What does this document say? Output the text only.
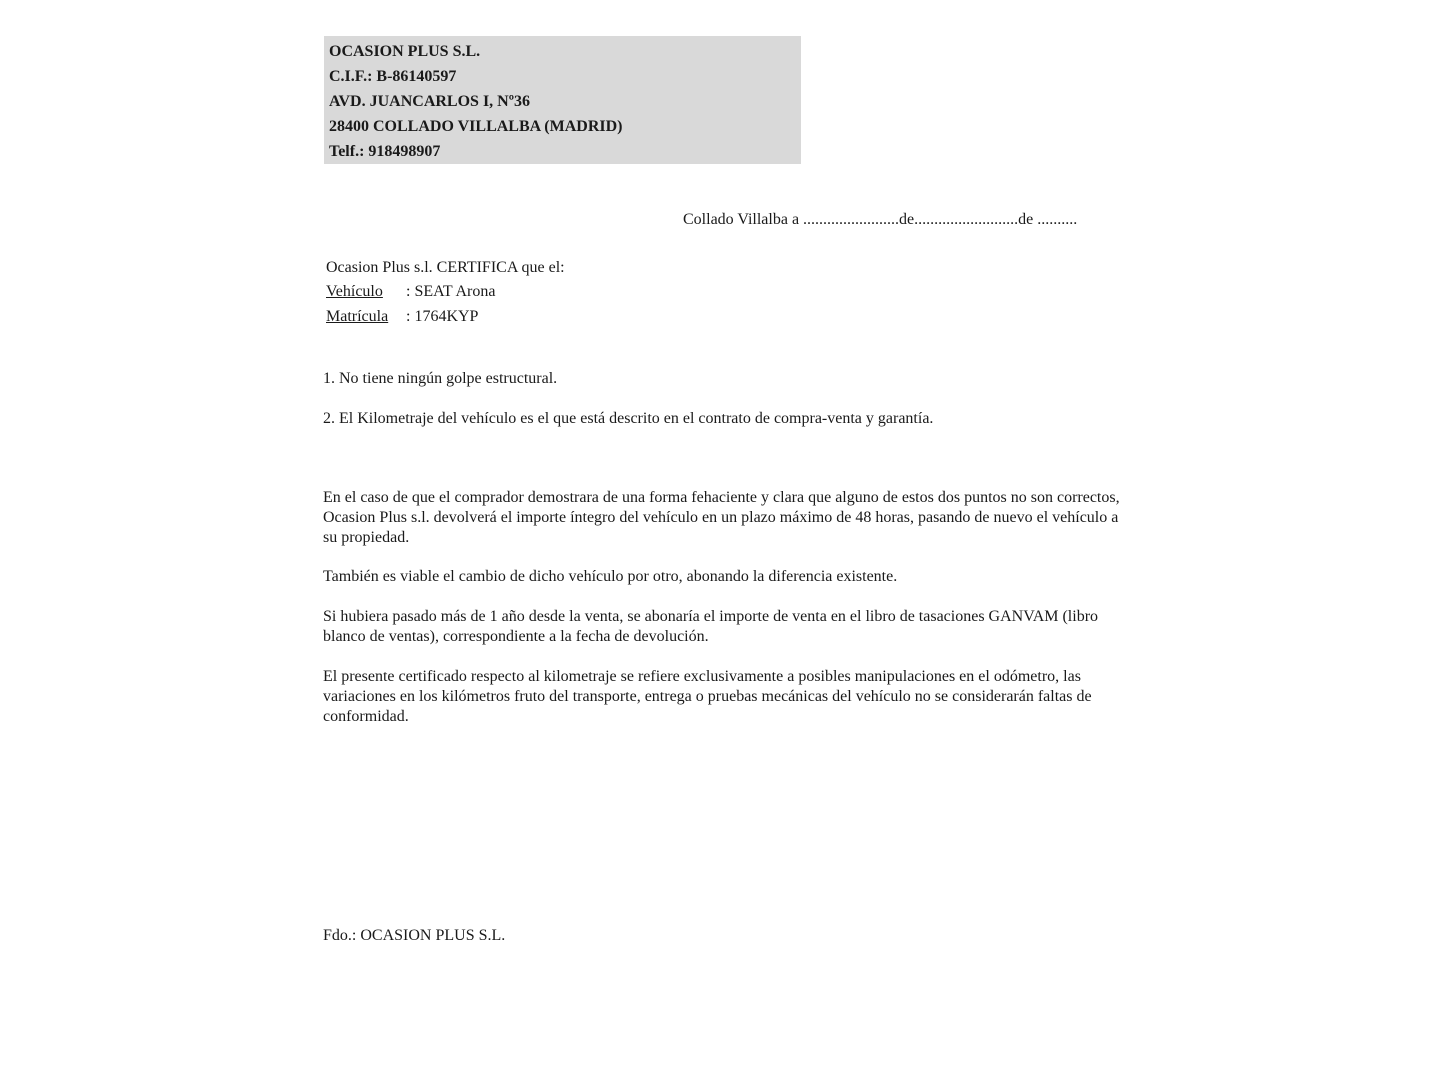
OCASION PLUS S.L.
C.I.F.: B-86140597
AVD. JUANCARLOS I, Nº36
28400 COLLADO VILLALBA (MADRID)
Telf.: 918498907
Collado Villalba a ........................de..........................de ..........
Ocasion Plus s.l. CERTIFICA que el:
Vehículo : SEAT Arona
Matrícula : 1764KYP
1. No tiene ningún golpe estructural.
2. El Kilometraje del vehículo es el que está descrito en el contrato de compra-venta y garantía.
En el caso de que el comprador demostrara de una forma fehaciente y clara que alguno de estos dos puntos no son correctos, Ocasion Plus s.l. devolverá el importe íntegro del vehículo en un plazo máximo de 48 horas, pasando de nuevo el vehículo a su propiedad.
También es viable el cambio de dicho vehículo por otro, abonando la diferencia existente.
Si hubiera pasado más de 1 año desde la venta, se abonaría el importe de venta en el libro de tasaciones GANVAM (libro blanco de ventas), correspondiente a la fecha de devolución.
El presente certificado respecto al kilometraje se refiere exclusivamente a posibles manipulaciones en el odómetro, las variaciones en los kilómetros fruto del transporte, entrega o pruebas mecánicas del vehículo no se considerarán faltas de conformidad.
Fdo.: OCASION PLUS S.L.
